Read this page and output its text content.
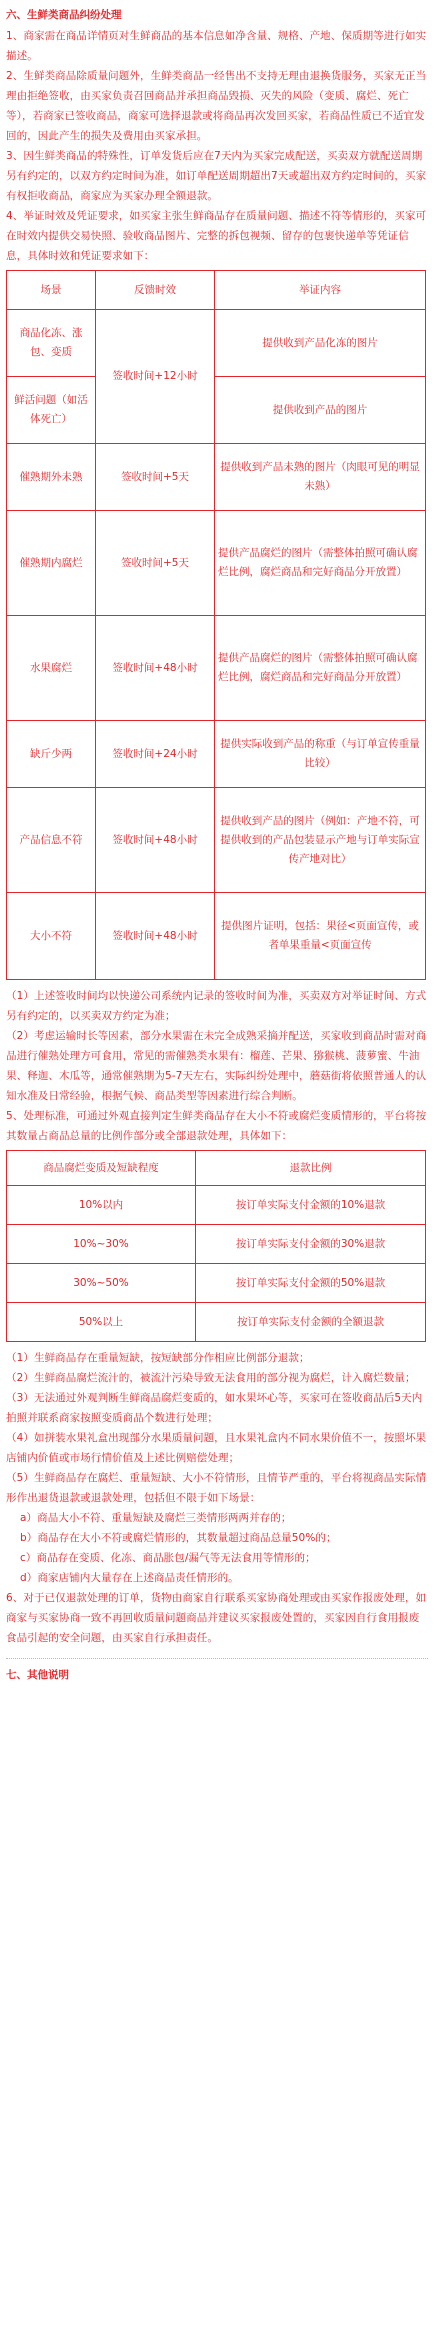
六、生鲜类商品纠纷处理

1、商家需在商品详情页对生鲜商品的基本信息如净含量、规格、产地、保质期等进行如实描述。

2、生鲜类商品除质量问题外，生鲜类商品一经售出不支持无理由退换货服务，买家无正当理由拒绝签收，由买家负责召回商品并承担商品毁损、灭失的风险（变质、腐烂、死亡等），若商家已签收商品，商家可选择退款或将商品再次发回买家，若商品性质已不适宜发回的，因此产生的损失及费用由买家承担。

3、因生鲜类商品的特殊性，订单发货后应在7天内为买家完成配送，买卖双方就配送周期另有约定的，以双方约定时间为准，如订单配送周期超出7天或超出双方约定时间的，买家有权拒收商品，商家应为买家办理全额退款。

4、举证时效及凭证要求，如买家主张生鲜商品存在质量问题、描述不符等情形的，买家可在时效内提供交易快照、验收商品图片、完整的拆包视频、留存的包裹快递单等凭证信息，具体时效和凭证要求如下：

场景	反馈时效	举证内容
商品化冻、涨包、变质	签收时间+12小时	提供收到产品化冻的图片
鲜活问题（如活体死亡）		提供收到产品的图片
催熟期外未熟	签收时间+5天	提供收到产品未熟的图片（肉眼可见的明显未熟）
催熟期内腐烂	签收时间+5天	提供产品腐烂的图片（需整体拍照可确认腐烂比例，腐烂商品和完好商品分开放置）
水果腐烂	签收时间+48小时	提供产品腐烂的图片（需整体拍照可确认腐烂比例，腐烂商品和完好商品分开放置）
缺斤少两	签收时间+24小时	提供实际收到产品的称重（与订单宣传重量比较）
产品信息不符	签收时间+48小时	提供收到产品的图片（例如：产地不符，可提供收到的产品包装显示产地与订单实际宣传产地对比）
大小不符	签收时间+48小时	提供图片证明，包括：果径<页面宣传，或者单果重量<页面宣传

（1）上述签收时间均以快递公司系统内记录的签收时间为准，买卖双方对举证时间、方式另有约定的，以买卖双方约定为准；

（2）考虑运输时长等因素，部分水果需在未完全成熟采摘并配送，买家收到商品时需对商品进行催熟处理方可食用，常见的需催熟类水果有：榴莲、芒果、猕猴桃、菠萝蜜、牛油果、释迦、木瓜等，通常催熟期为5-7天左右，实际纠纷处理中，蘑菇街将依照普通人的认知水准及日常经验，根据气候、商品类型等因素进行综合判断。

5、处理标准，可通过外观直接判定生鲜类商品存在大小不符或腐烂变质情形的，平台将按其数量占商品总量的比例作部分或全部退款处理，具体如下：

商品腐烂变质及短缺程度	退款比例
10%以内	按订单实际支付金额的10%退款
10%~30%	按订单实际支付金额的30%退款
30%~50%	按订单实际支付金额的50%退款
50%以上	按订单实际支付金额的全额退款

（1）生鲜商品存在重量短缺，按短缺部分作相应比例部分退款；

（2）生鲜商品腐烂流汁的，被流汁污染导致无法食用的部分视为腐烂，计入腐烂数量；

（3）无法通过外观判断生鲜商品腐烂变质的，如水果坏心等，买家可在签收商品后5天内拍照并联系商家按照变质商品个数进行处理；

（4）如拼装水果礼盒出现部分水果质量问题，且水果礼盒内不同水果价值不一，按照坏果店铺内价值或市场行情价值及上述比例赔偿处理；

（5）生鲜商品存在腐烂、重量短缺、大小不符情形，且情节严重的，平台将视商品实际情形作出退货退款或退款处理，包括但不限于如下场景：

a）商品大小不符、重量短缺及腐烂三类情形两两并存的；

b）商品存在大小不符或腐烂情形的，其数量超过商品总量50%的；

c）商品存在变质、化冻、商品胀包/漏气等无法食用等情形的；

d）商家店铺内大量存在上述商品责任情形的。

6、对于已仅退款处理的订单，货物由商家自行联系买家协商处理或由买家作报废处理，如商家与买家协商一致不再回收质量问题商品并建议买家报废处置的，买家因自行食用报废食品引起的安全问题，由买家自行承担责任。

七、其他说明
